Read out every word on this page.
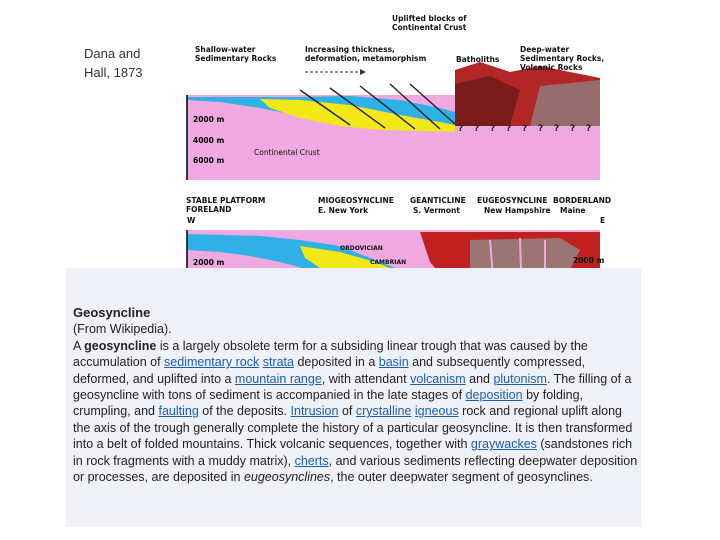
Dana and Hall, 1873
Uplifted blocks of Continental Crust
Shallow-water Sedimentary Rocks
Increasing thickness, deformation, metamorphism	Batholiths
Deep-water Sedimentary Rocks, Volcanic Rocks
2000 m
4000 m
6000 m
Continental Crust
? ? ? ? ? ? ? ? ?
STABLE PLATFORM FORELAND
W
MIOGEOSYNCLINE
E. New York
GEANTICLINE
S. Vermont
EUGEOSYNCLINE
New Hampshire
BORDERLAND
Maine
E
ORDOVICIAN
CAMBRIAN
2000 m	2000 m
Geosyncline
(From Wikipedia).
A geosyncline is a largely obsolete term for a subsiding linear trough that was caused by the accumulation of sedimentary rock strata deposited in a basin and subsequently compressed, deformed, and uplifted into a mountain range, with attendant volcanism and plutonism. The filling of a geosyncline with tons of sediment is accompanied in the late stages of deposition by folding, crumpling, and faulting of the deposits. Intrusion of crystalline igneous rock and regional uplift along the axis of the trough generally complete the history of a particular geosyncline. It is then transformed into a belt of folded mountains. Thick volcanic sequences, together with graywackes (sandstones rich in rock fragments with a muddy matrix), cherts, and various sediments reflecting deepwater deposition or processes, are deposited in eugeosynclines, the outer deepwater segment of geosynclines.
